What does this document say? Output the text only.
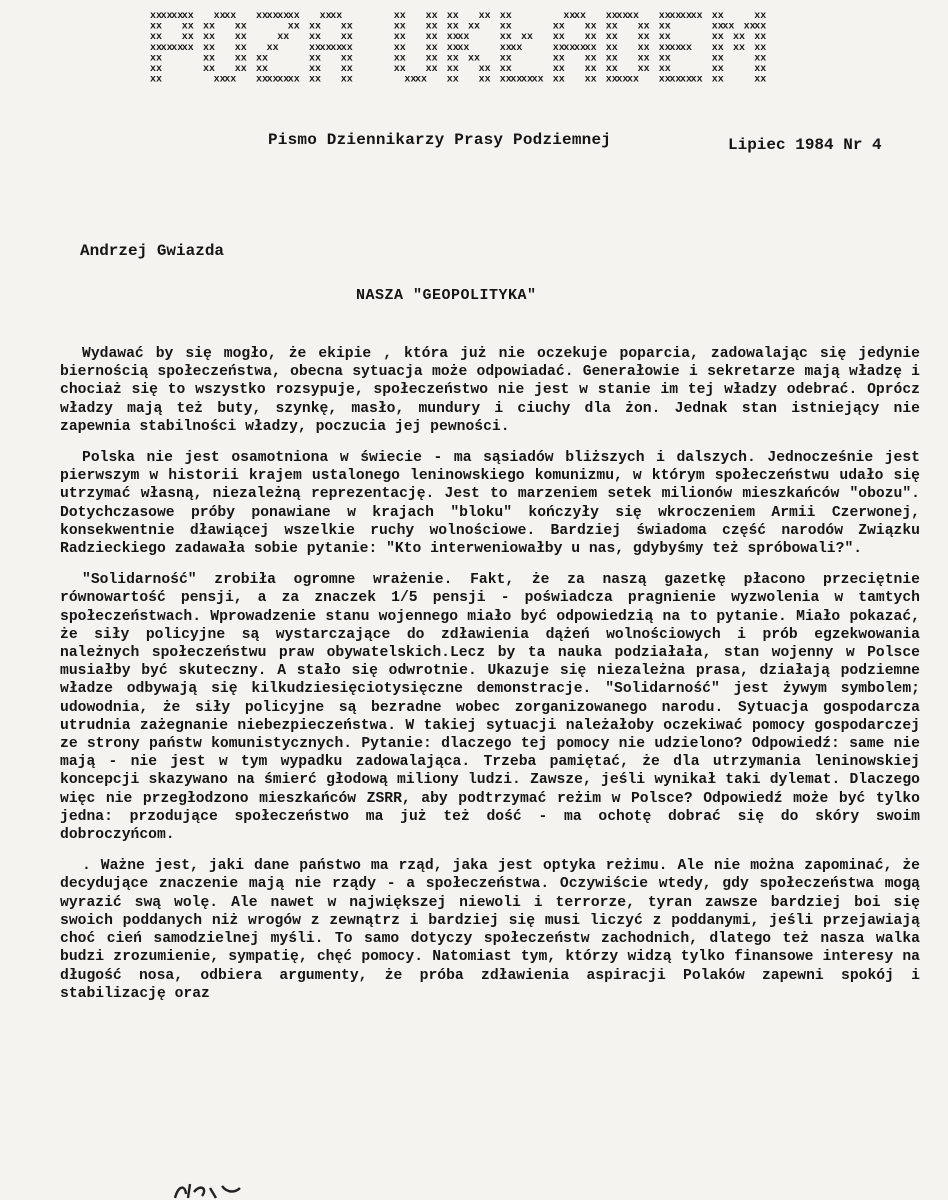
xx
xx
xx
xx
xx xx
xx xx
xx
xx
xx
xx
xx
xx
xx
xx
xx
xx xx
xx xx
xx xx
xx xx
xx xx
xx
xx
xx
xx
xx
xx
xx
xx
xx
xx
xx
xx
xx
xx
xx
xx
xx
xx xx
xx xx
xx
xx
xx
xx
xx xx
xx xx
xx xx
xx xx
xx xx
xx xx
xx xx
xx xx
xx xx
xx
xx
xx xx
xx xx
xx
xx
xx
xx
xx xx
xx xx
xx xx
xx
xx
xx xx
xx
xx
xx
xx
xx
xx
xx
xx
xx
xx
xx xx
xx xx
xx
xx
xx
xx
xx xx
xx xx
xx xx
xx
xx
xx
xx xx
xx xx
xx xx
xx xx
xx xx
xx
xx
xx
xx
xx
xx
xx
xx
xx
xx
xx
xx
xx
xx
xx
xx
xx
xx
xx	xx
xx
xx xx
xx
xx xx xx
xx xx xx
xx	xx
xx	xx
xx	xx
Pismo Dziennikarzy Prasy Podziemnej	Lipiec 1984 Nr 4
Andrzej Gwiazda
NASZA "GEOPOLITYKA"

Wydawać by się mogło, że ekipie , która już nie oczekuje poparcia, zadowalając się jedynie biernością społeczeństwa, obecna sytuacja może odpowiadać. Generałowie i sekretarze mają władzę i chociaż się to wszystko rozsypuje, społeczeństwo nie jest w stanie im tej władzy odebrać. Oprócz władzy mają też buty, szynkę, masło, mundury i ciuchy dla żon. Jednak stan istniejący nie zapewnia stabilności władzy, poczucia jej pewności.

Polska nie jest osamotniona w świecie - ma sąsiadów bliższych i dalszych. Jednocześnie jest pierwszym w historii krajem ustalonego leninowskiego komunizmu, w którym społeczeństwu udało się utrzymać własną, niezależną reprezentację. Jest to marzeniem setek milionów mieszkańców "obozu". Dotychczasowe próby ponawiane w krajach "bloku" kończyły się wkroczeniem Armii Czerwonej, konsekwentnie dławiącej wszelkie ruchy wolnościowe. Bardziej świadoma część narodów Związku Radzieckiego zadawała sobie pytanie: "Kto interweniowałby u nas, gdybyśmy też spróbowali?".

"Solidarność" zrobiła ogromne wrażenie. Fakt, że za naszą gazetkę płacono przeciętnie równowartość pensji, a za znaczek 1/5 pensji - poświadcza pragnienie wyzwolenia w tamtych społeczeństwach. Wprowadzenie stanu wojennego miało być odpowiedzią na to pytanie. Miało pokazać, że siły policyjne są wystarczające do zdławienia dążeń wolnościowych i prób egzekwowania należnych społeczeństwu praw obywatelskich.Lecz by ta nauka podziałała, stan wojenny w Polsce musiałby być skuteczny. A stało się odwrotnie. Ukazuje się niezależna prasa, działają podziemne władze odbywają się kilkudziesięciotysięczne demonstracje. "Solidarność" jest żywym symbolem; udowodnia, że siły policyjne są bezradne wobec zorganizowanego narodu. Sytuacja gospodarcza utrudnia zażegnanie niebezpieczeństwa. W takiej sytuacji należałoby oczekiwać pomocy gospodarczej ze strony państw komunistycznych. Pytanie: dlaczego tej pomocy nie udzielono? Odpowiedź: same nie mają - nie jest w tym wypadku zadowalająca. Trzeba pamiętać, że dla utrzymania leninowskiej koncepcji skazywano na śmierć głodową miliony ludzi. Zawsze, jeśli wynikał taki dylemat. Dlaczego więc nie przegłodzono mieszkańców ZSRR, aby podtrzymać reżim w Polsce? Odpowiedź może być tylko jedna: przodujące społeczeństwo ma już też dość - ma ochotę dobrać się do skóry swoim dobroczyńcom.

. Ważne jest, jaki dane państwo ma rząd, jaka jest optyka reżimu. Ale nie można zapominać, że decydujące znaczenie mają nie rządy - a społeczeństwa. Oczywiście wtedy, gdy społeczeństwa mogą wyrazić swą wolę. Ale nawet w największej niewoli i terrorze, tyran zawsze bardziej boi się swoich poddanych niż wrogów z zewnątrz i bardziej się musi liczyć z poddanymi, jeśli przejawiają choć cień samodzielnej myśli. To samo dotyczy społeczeństw zachodnich, dlatego też nasza walka budzi zrozumienie, sympatię, chęć pomocy. Natomiast tym, którzy widzą tylko finansowe interesy na długość nosa, odbiera argumenty, że próba zdławienia aspiracji Polaków zapewni spokój i stabilizację oraz
